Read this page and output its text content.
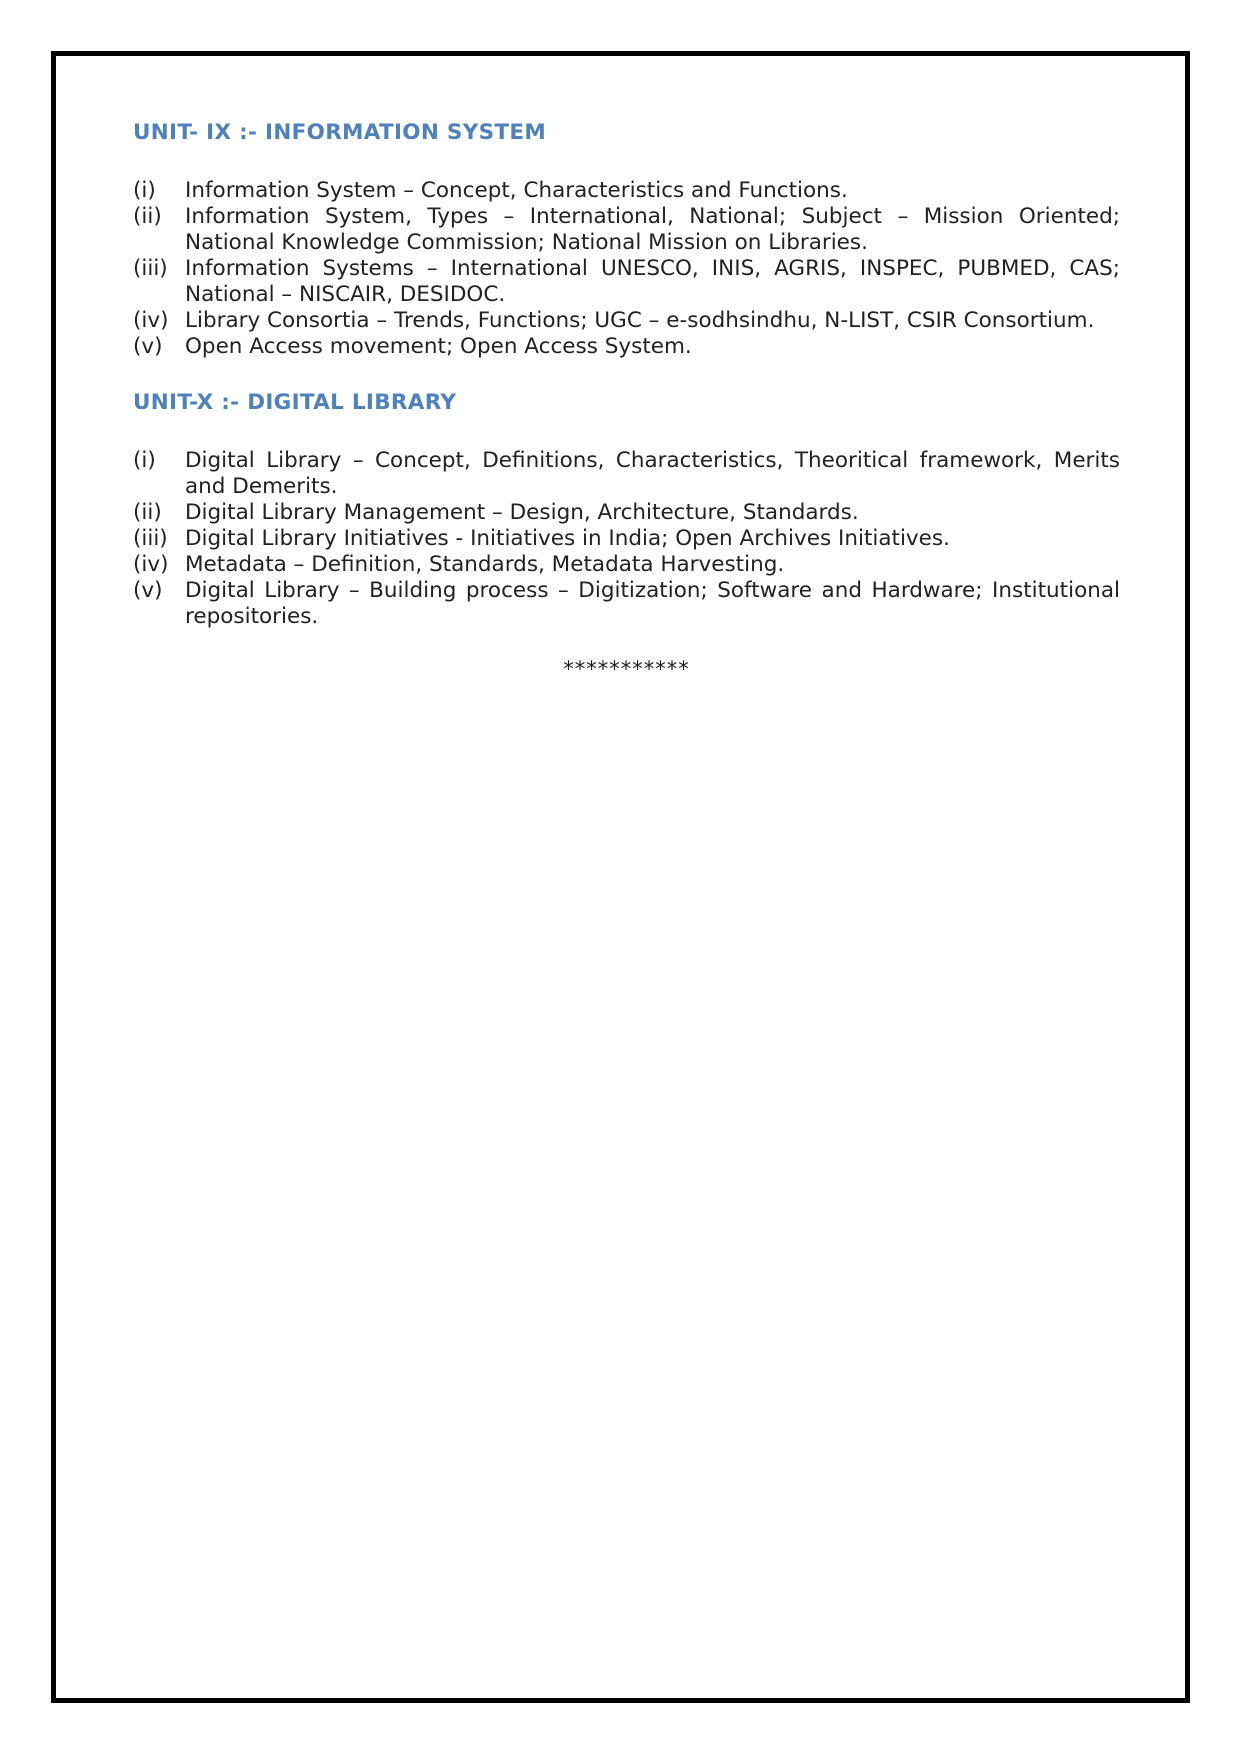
UNIT- IX :- INFORMATION SYSTEM
(i) Information System – Concept, Characteristics and Functions.
(ii) Information System, Types – International, National; Subject – Mission Oriented; National Knowledge Commission; National Mission on Libraries.
(iii) Information Systems – International UNESCO, INIS, AGRIS, INSPEC, PUBMED, CAS; National – NISCAIR, DESIDOC.
(iv) Library Consortia – Trends, Functions; UGC – e-sodhsindhu, N-LIST, CSIR Consortium.
(v) Open Access movement; Open Access System.
UNIT-X :- DIGITAL LIBRARY
(i) Digital Library – Concept, Definitions, Characteristics, Theoritical framework, Merits and Demerits.
(ii) Digital Library Management – Design, Architecture, Standards.
(iii) Digital Library Initiatives - Initiatives in India; Open Archives Initiatives.
(iv) Metadata – Definition, Standards, Metadata Harvesting.
(v) Digital Library – Building process – Digitization; Software and Hardware; Institutional repositories.
***********
